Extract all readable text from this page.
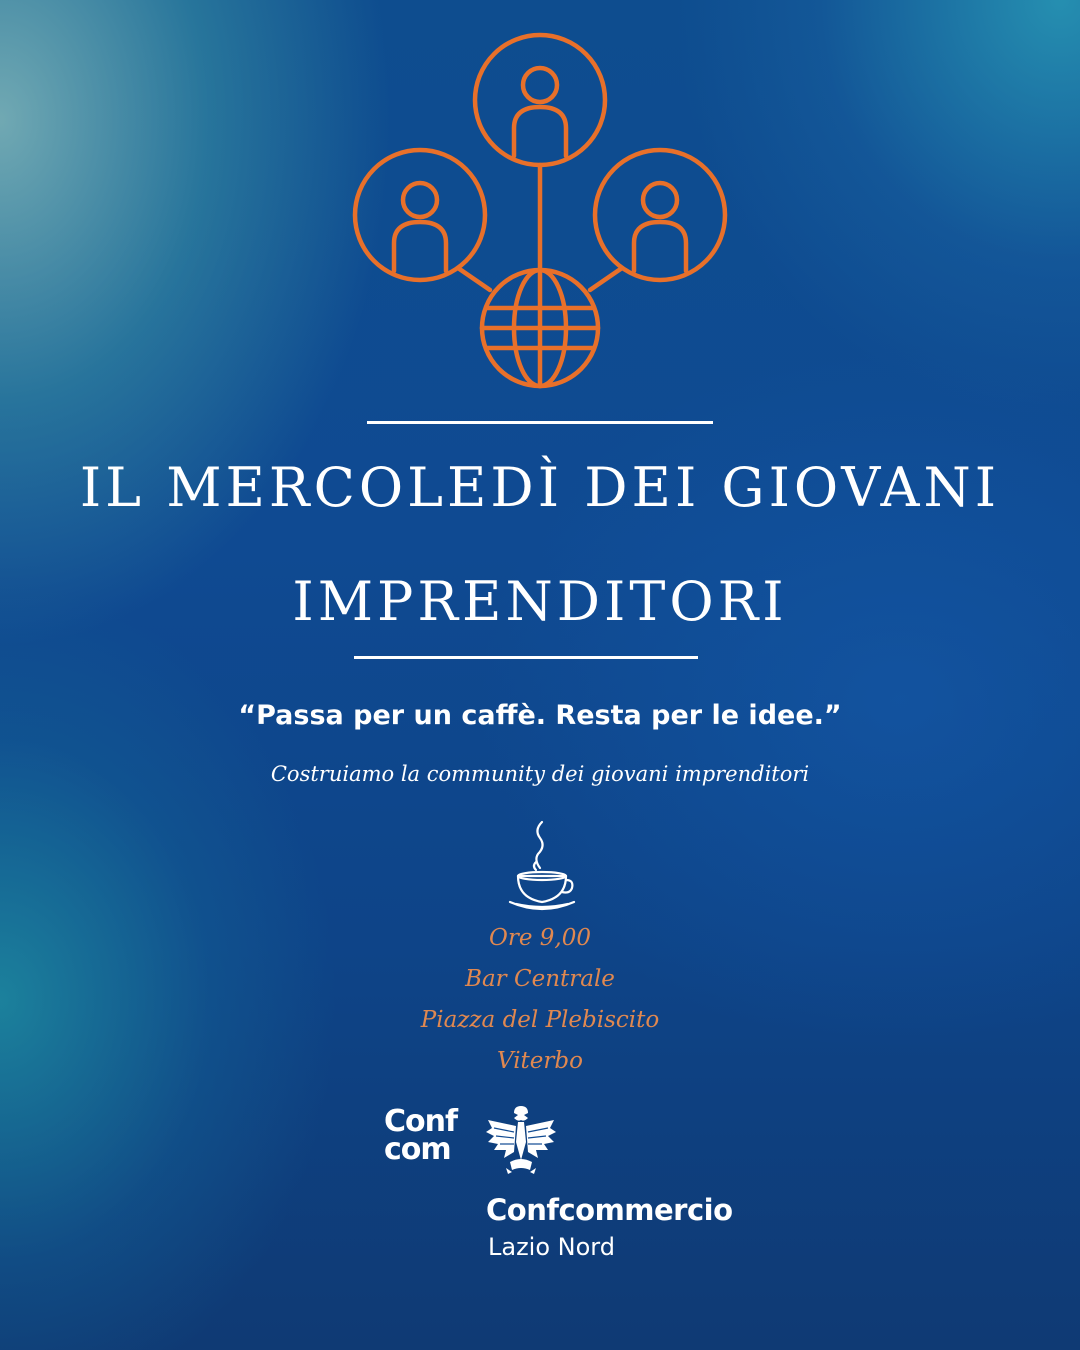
IL MERCOLEDÌ DEI GIOVANI
IMPRENDITORI
“Passa per un caffè. Resta per le idee.”
Costruiamo la community dei giovani imprenditori
Ore 9,00
Bar Centrale
Piazza del Plebiscito
Viterbo
Conf
com
Confcommercio
Lazio Nord
